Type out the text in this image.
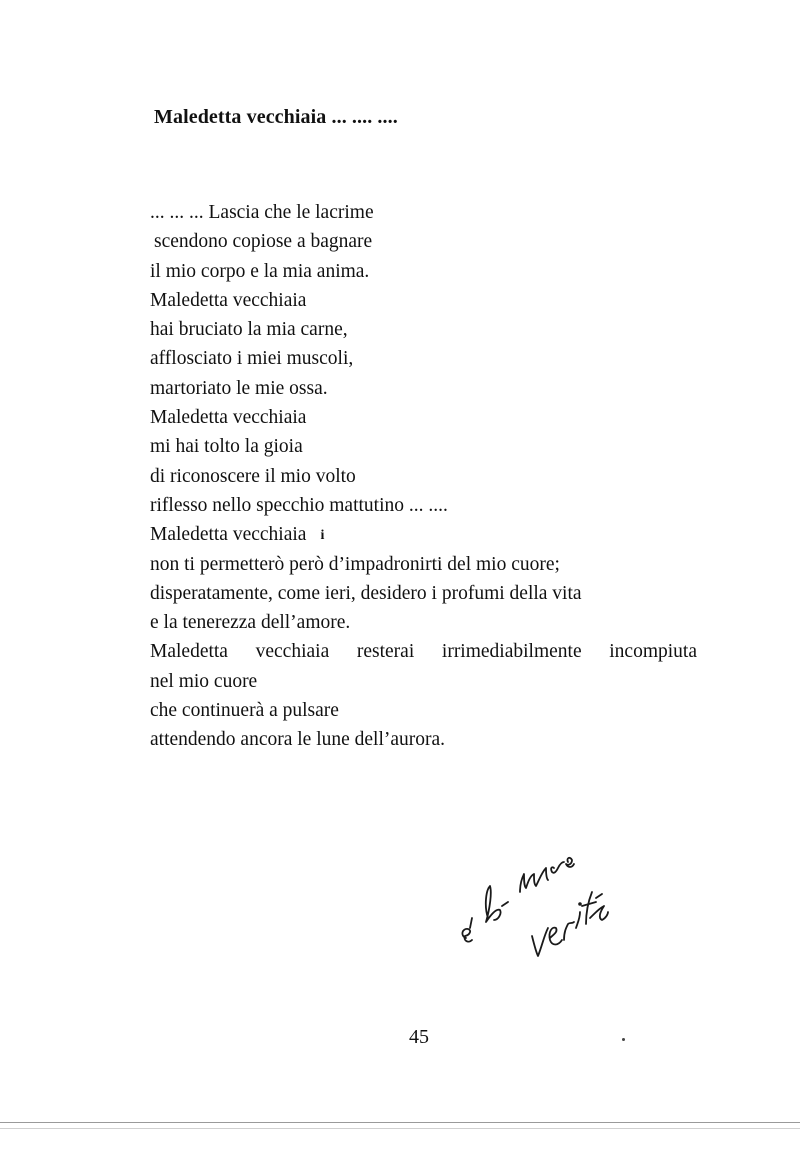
Maledetta vecchiaia ... .... ....
... ... ... Lascia che le lacrime
scendono copiose a bagnare
il mio corpo e la mia anima.
Maledetta vecchiaia
hai bruciato la mia carne,
afflosciato i miei muscoli,
martoriato le mie ossa.
Maledetta vecchiaia
mi hai tolto la gioia
di riconoscere il mio volto
riflesso nello specchio mattutino ... ....
Maledetta vecchiaia i
non ti permetterò però d’impadronirti del mio cuore;
disperatamente, come ieri, desidero i profumi della vita
e la tenerezza dell’amore.
Maledetta vecchiaia resterai irrimediabilmente incompiuta
nel mio cuore
che continuerà a pulsare
attendendo ancora le lune dell’aurora.
45
